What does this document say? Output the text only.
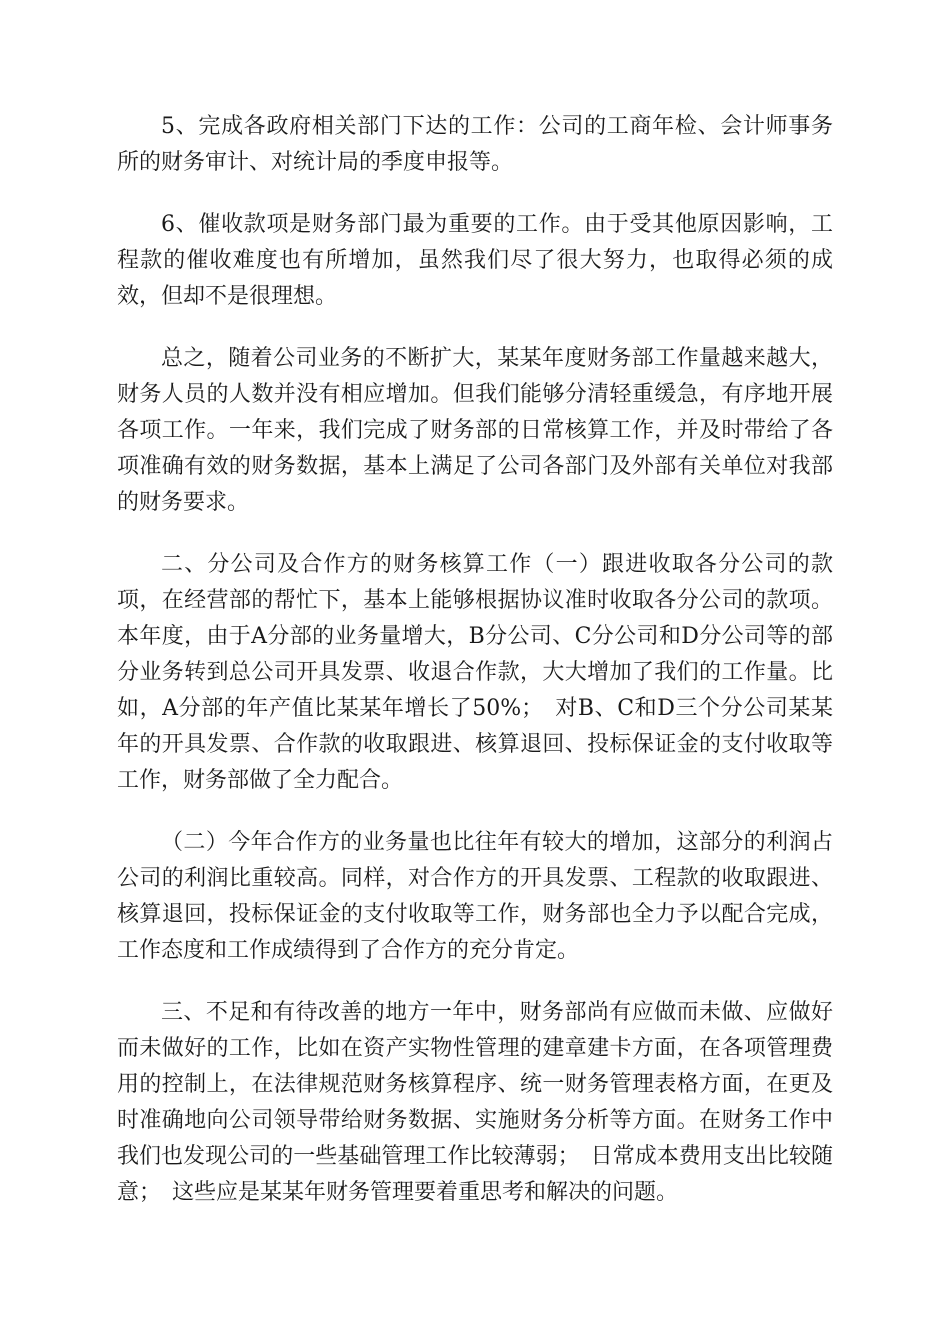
5、完成各政府相关部门下达的工作：公司的工商年检、会计师事务所的财务审计、对统计局的季度申报等。

6、催收款项是财务部门最为重要的工作。由于受其他原因影响，工程款的催收难度也有所增加，虽然我们尽了很大努力，也取得必须的成效，但却不是很理想。

总之，随着公司业务的不断扩大，某某年度财务部工作量越来越大，财务人员的人数并没有相应增加。但我们能够分清轻重缓急，有序地开展各项工作。一年来，我们完成了财务部的日常核算工作，并及时带给了各项准确有效的财务数据，基本上满足了公司各部门及外部有关单位对我部的财务要求。

二、分公司及合作方的财务核算工作（一）跟进收取各分公司的款项，在经营部的帮忙下，基本上能够根据协议准时收取各分公司的款项。本年度，由于A分部的业务量增大，B分公司、C分公司和D分公司等的部分业务转到总公司开具发票、收退合作款，大大增加了我们的工作量。比如，A分部的年产值比某某年增长了50%；　对B、C和D三个分公司某某年的开具发票、合作款的收取跟进、核算退回、投标保证金的支付收取等工作，财务部做了全力配合。

（二）今年合作方的业务量也比往年有较大的增加，这部分的利润占公司的利润比重较高。同样，对合作方的开具发票、工程款的收取跟进、核算退回，投标保证金的支付收取等工作，财务部也全力予以配合完成，工作态度和工作成绩得到了合作方的充分肯定。

三、不足和有待改善的地方一年中，财务部尚有应做而未做、应做好而未做好的工作，比如在资产实物性管理的建章建卡方面，在各项管理费用的控制上，在法律规范财务核算程序、统一财务管理表格方面，在更及时准确地向公司领导带给财务数据、实施财务分析等方面。在财务工作中我们也发现公司的一些基础管理工作比较薄弱；　日常成本费用支出比较随意；　这些应是某某年财务管理要着重思考和解决的问题。
